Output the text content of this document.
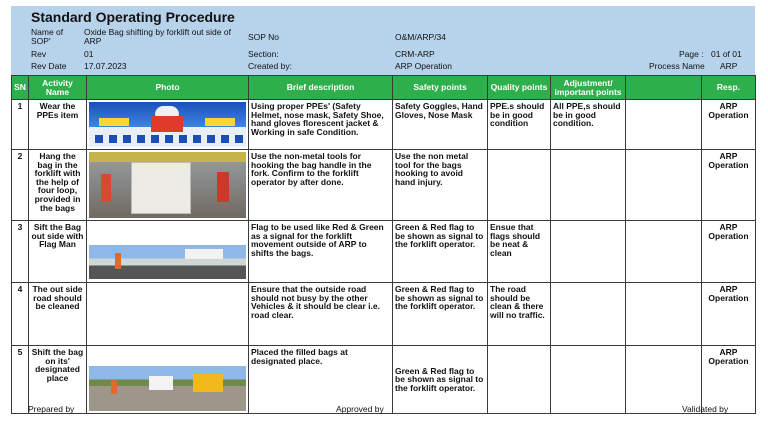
Standard Operating Procedure
Name of SOP'
Oxide Bag shifting by forklift out side of ARP	SOP No	O&M/ARP/34
Rev	01	Section:	CRM-ARP	Page : 01 of 01
Rev Date 17.07.2023	Created by:	ARP Operation	Process Name ARP
SN	Activity Name	Photo	Brief description	Safety points	Quality points	Adjustment/ important points		Resp.
1	Wear the PPEs item		Using proper PPEs' (Safety Helmet, nose mask, Safety Shoe, hand gloves florescent jacket & Working in safe Condition.	Safety Goggles, Hand Gloves, Nose Mask	PPE.s should be in good condition	All PPE,s should be in good condition.		ARP Operation
2	Hang the bag in the forklift with the help of four loop, provided in the bags		Use the non-metal tools for hooking the bag handle in the fork. Confirm to the forklift operator by after done.	Use the non metal tool for the bags hooking to avoid hand injury.				ARP Operation
3	Sift the Bag out side with Flag Man		Flag to be used like Red & Green as a signal for the forklift movement outside of ARP to shifts the bags.	Green & Red flag to be shown as signal to the forklift operator.	Ensue that flags should be neat & clean			ARP Operation
4	The out side road should be cleaned		Ensure that the outside road should not busy by the other Vehicles & it should be clear i.e. road clear.	Green & Red flag to be shown as signal to the forklift operator.	The road should be clean & there will no traffic.			ARP Operation
5	Shift the bag on its' designated place		Placed the filled bags at designated place.	Green & Red flag to be shown as signal to the forklift operator.				ARP Operation
Prepared by	Approved by	Validated by
